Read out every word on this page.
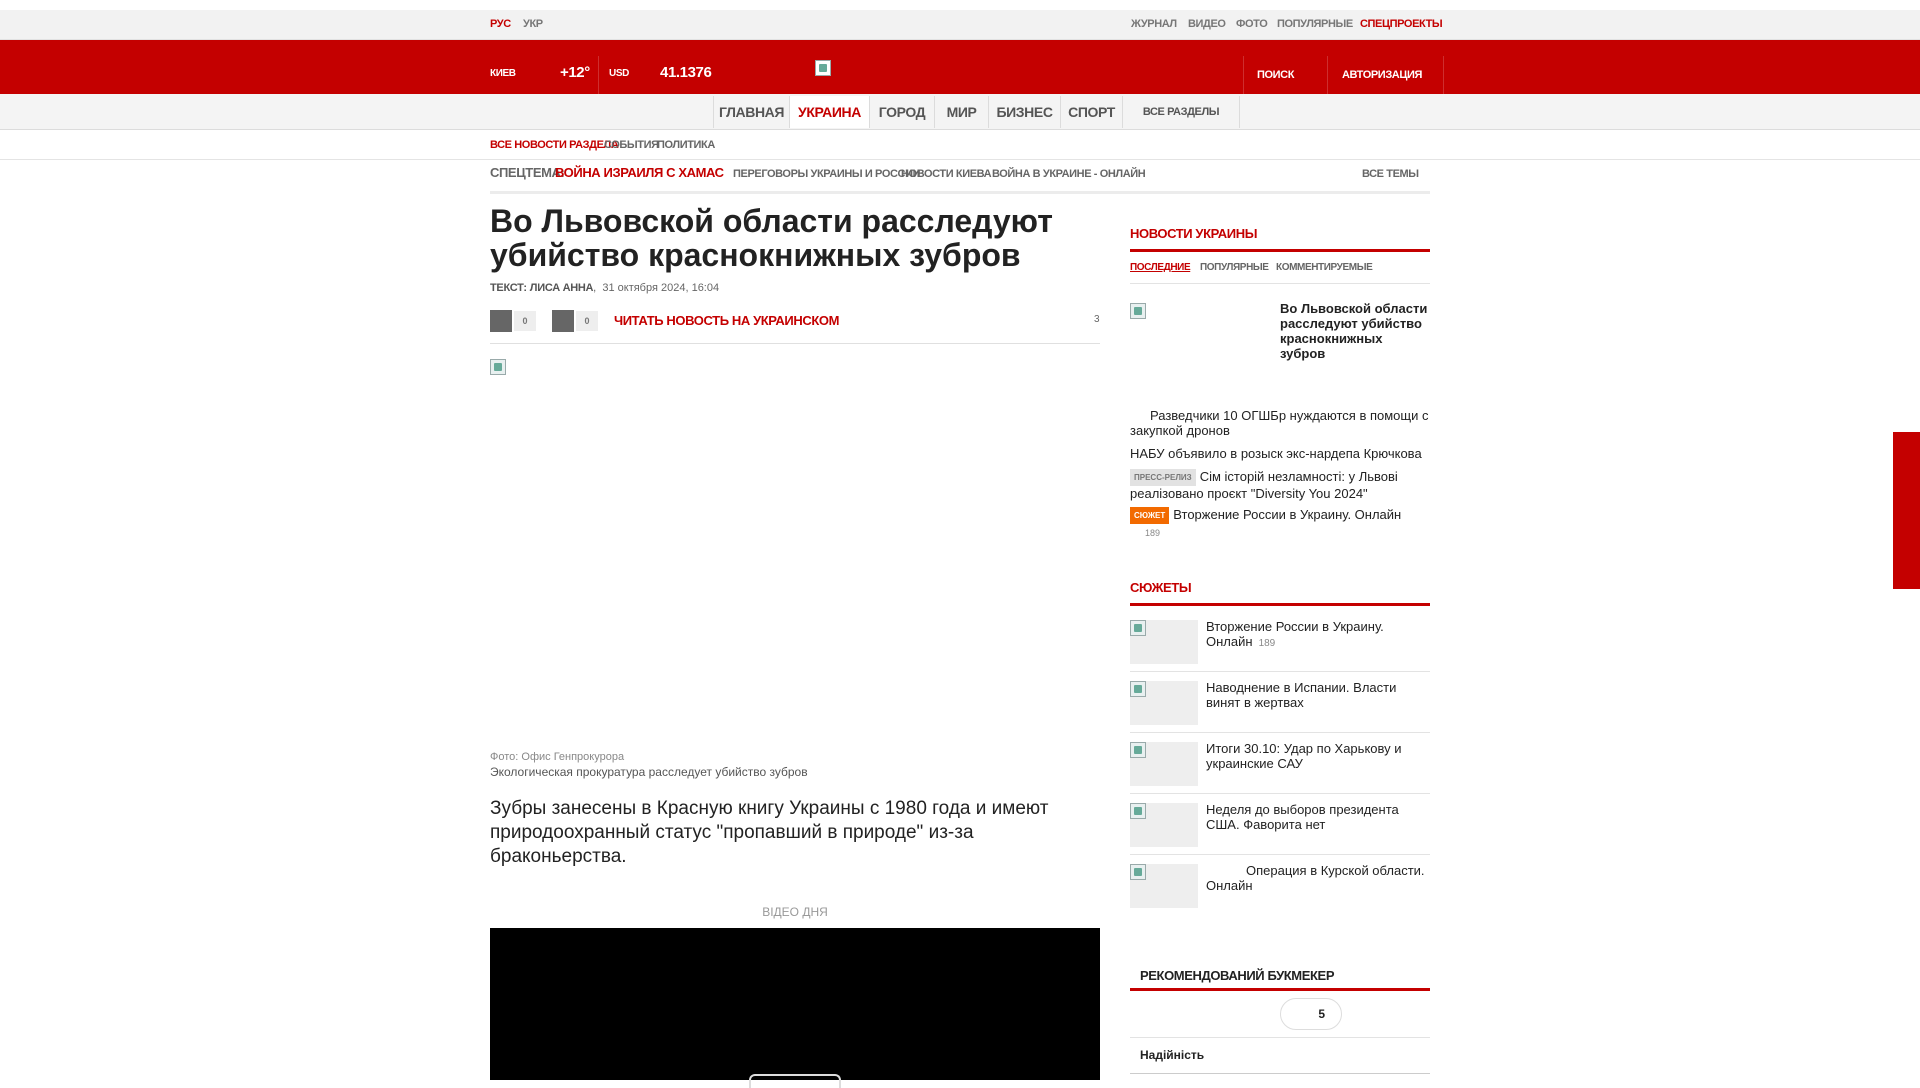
РУС УКР	ЖУРНАЛ ВИДЕО ФОТО ПОПУЛЯРНЫЕ СПЕЦПРОЕКТЫ
КИЕВ	+12° USD 41.1376	ПОИСК	АВТОРИЗАЦИЯ
ГЛАВНАЯ УКРАИНА	ГОРОД	МИР	БИЗНЕС	СПОРТ	ВСЕ РАЗДЕЛЫ
ВСЕ НОВОСТИ РАЗДЕЛА
СОБЫТИЯ
ПОЛИТИКА
СПЕЦТЕМА:
ВОЙНА ИЗРАИЛЯ С ХАМАС ПЕРЕГОВОРЫ УКРАИНЫ И РОССИИ
НОВОСТИ КИЕВА ВОЙНА В УКРАИНЕ - ОНЛАЙН	ВСЕ ТЕМЫ
Во Львовской области расследуют убийство краснокнижных зубров
ТЕКСТ: ЛИСА АННА,  31 октября 2024, 16:04
0	0	ЧИТАТЬ НОВОСТЬ НА УКРАИНСКОМ	3
Фото: Офис Генпрокурора
Экологическая прокуратура расследует убийство зубров

Зубры занесены в Красную книгу Украины с 1980 года и имеют природоохранный статус "пропавший в природе" из-за браконьерства.

ВІДЕО ДНЯ
НОВОСТИ УКРАИНЫ
ПОСЛЕДНИЕ ПОПУЛЯРНЫЕ КОММЕНТИРУЕМЫЕ
Во Львовской области расследуют убийство краснокнижных зубров
Разведчики 10 ОГШБр нуждаются в помощи с закупкой дронов
НАБУ объявило в розыск экс-нардепа Крючкова
ПРЕСС-РЕЛИЗ Сім історій незламності: у Львові реалізовано проєкт "Diversity You 2024"
СЮЖЕТ Вторжение России в Украину. Онлайн
189
СЮЖЕТЫ
Вторжение России в Украину. Онлайн 189
Наводнение в Испании. Власти винят в жертвах
Итоги 30.10: Удар по Харькову и украинские САУ
Неделя до выборов президента США. Фаворита нет
Операция в Курской области. Онлайн
РЕКОМЕНДОВАНИЙ БУКМЕКЕР
5
Надійність
